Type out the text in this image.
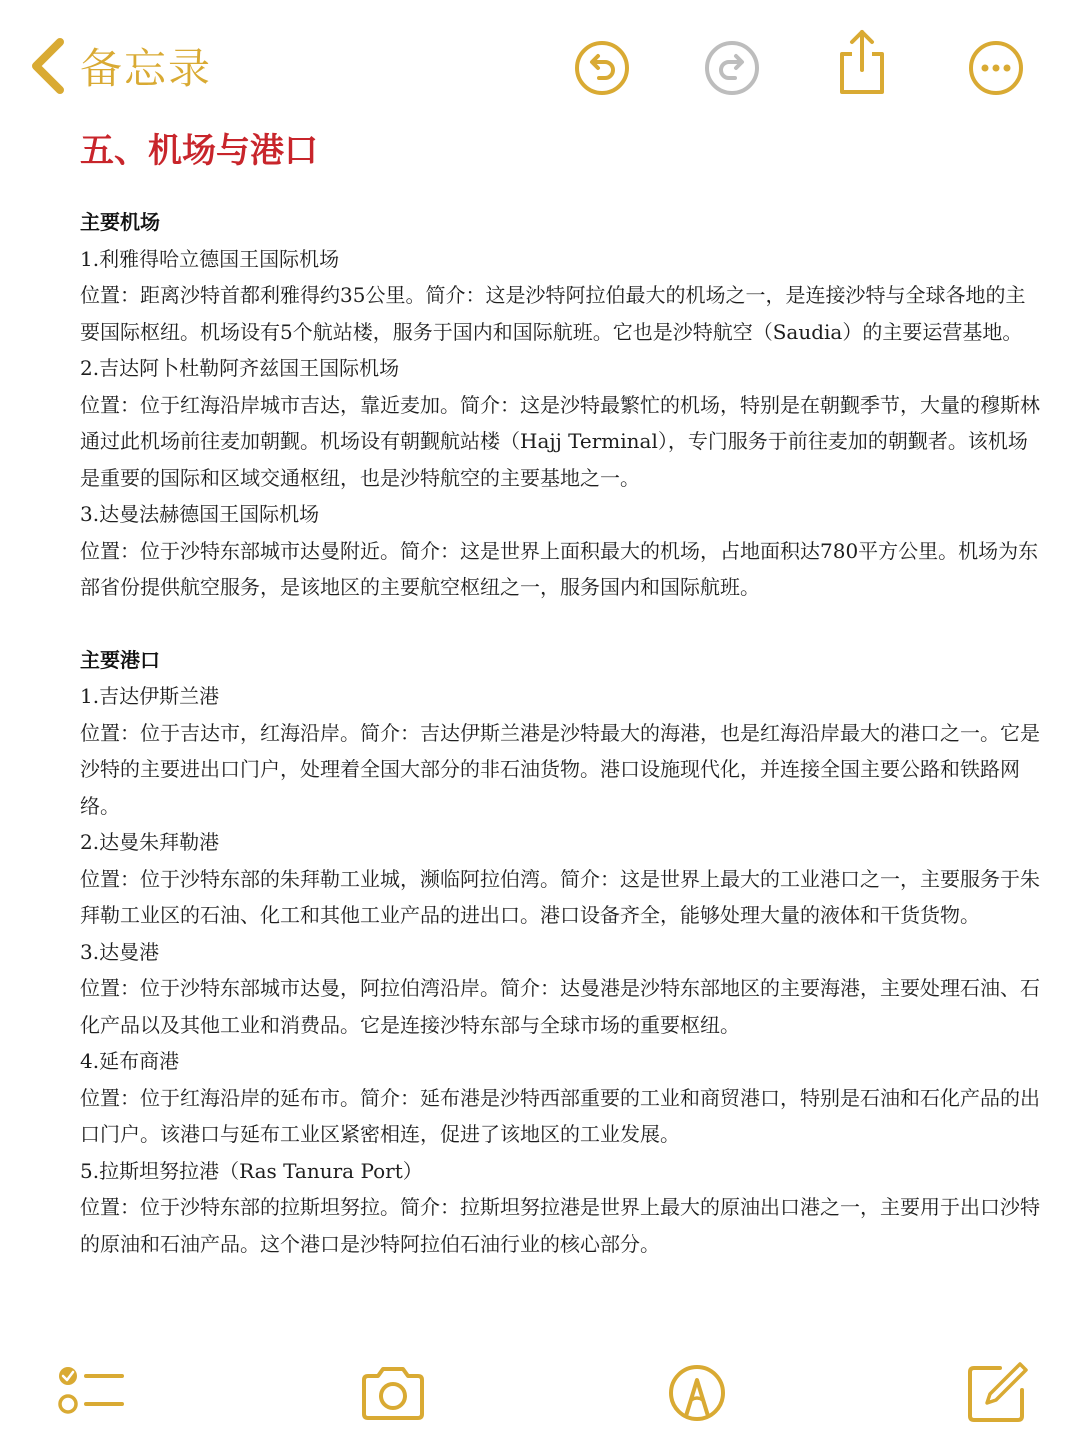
备忘录
五、机场与港口
主要机场
1.利雅得哈立德国王国际机场
位置：距离沙特首都利雅得约35公里。简介：这是沙特阿拉伯最大的机场之一，是连接沙特与全球各地的主要国际枢纽。机场设有5个航站楼，服务于国内和国际航班。它也是沙特航空（Saudia）的主要运营基地。
2.吉达阿卜杜勒阿齐兹国王国际机场
位置：位于红海沿岸城市吉达，靠近麦加。简介：这是沙特最繁忙的机场，特别是在朝觐季节，大量的穆斯林通过此机场前往麦加朝觐。机场设有朝觐航站楼（Hajj Terminal），专门服务于前往麦加的朝觐者。该机场是重要的国际和区域交通枢纽，也是沙特航空的主要基地之一。
3.达曼法赫德国王国际机场
位置：位于沙特东部城市达曼附近。简介：这是世界上面积最大的机场，占地面积达780平方公里。机场为东部省份提供航空服务，是该地区的主要航空枢纽之一，服务国内和国际航班。
主要港口
1.吉达伊斯兰港
位置：位于吉达市，红海沿岸。简介：吉达伊斯兰港是沙特最大的海港，也是红海沿岸最大的港口之一。它是沙特的主要进出口门户，处理着全国大部分的非石油货物。港口设施现代化，并连接全国主要公路和铁路网络。
2.达曼朱拜勒港
位置：位于沙特东部的朱拜勒工业城，濒临阿拉伯湾。简介：这是世界上最大的工业港口之一，主要服务于朱拜勒工业区的石油、化工和其他工业产品的进出口。港口设备齐全，能够处理大量的液体和干货货物。
3.达曼港
位置：位于沙特东部城市达曼，阿拉伯湾沿岸。简介：达曼港是沙特东部地区的主要海港，主要处理石油、石化产品以及其他工业和消费品。它是连接沙特东部与全球市场的重要枢纽。
4.延布商港
位置：位于红海沿岸的延布市。简介：延布港是沙特西部重要的工业和商贸港口，特别是石油和石化产品的出口门户。该港口与延布工业区紧密相连，促进了该地区的工业发展。
5.拉斯坦努拉港（Ras Tanura Port）
位置：位于沙特东部的拉斯坦努拉。简介：拉斯坦努拉港是世界上最大的原油出口港之一，主要用于出口沙特的原油和石油产品。这个港口是沙特阿拉伯石油行业的核心部分。
